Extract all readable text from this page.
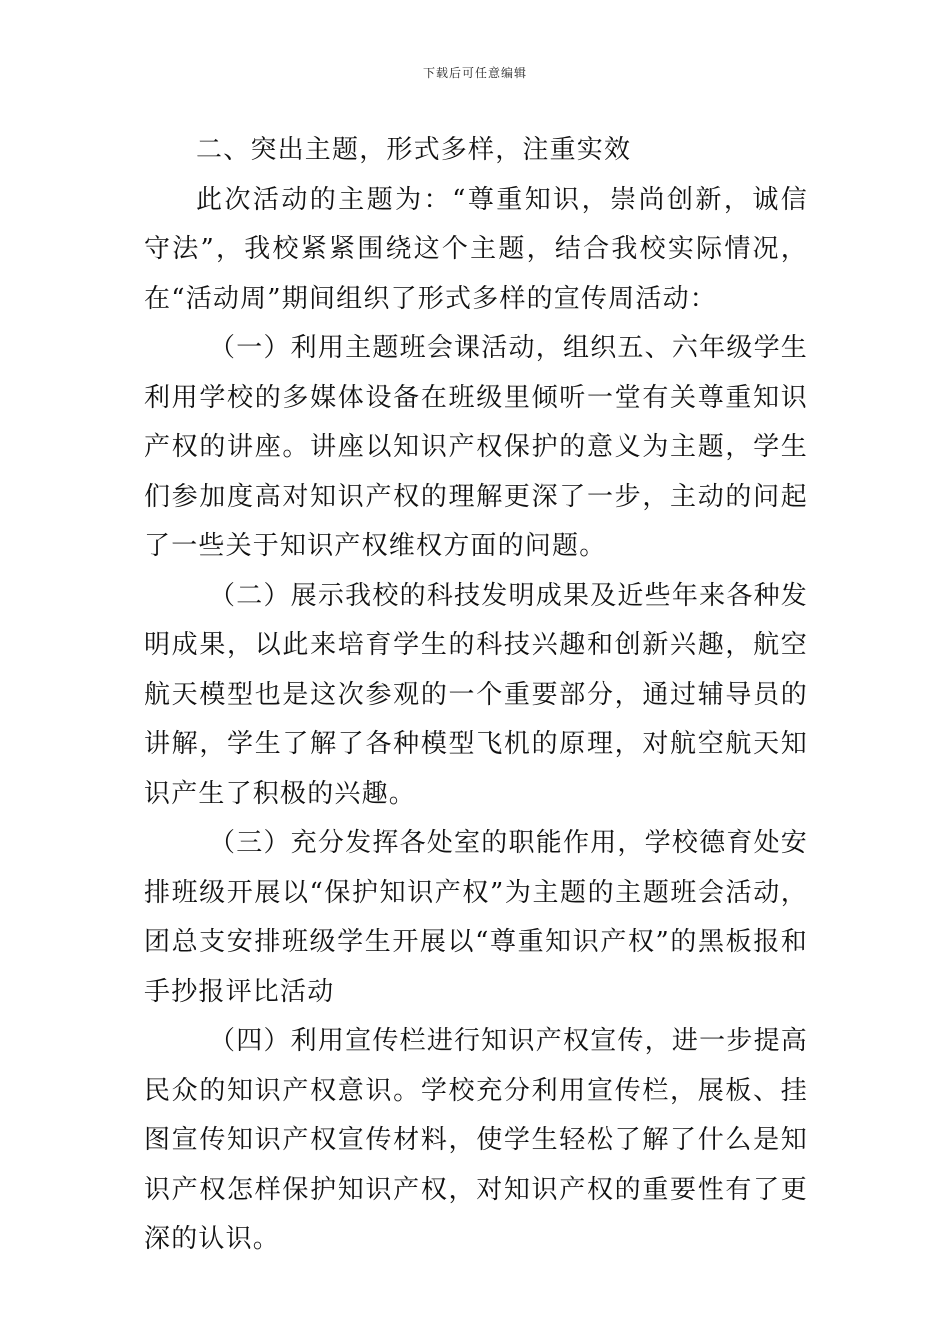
下载后可任意编辑

二、突出主题，形式多样，注重实效

此次活动的主题为：“尊重知识，崇尚创新，诚信守法”，我校紧紧围绕这个主题，结合我校实际情况，在“活动周”期间组织了形式多样的宣传周活动：

（一）利用主题班会课活动，组织五、六年级学生利用学校的多媒体设备在班级里倾听一堂有关尊重知识产权的讲座。讲座以知识产权保护的意义为主题，学生们参加度高对知识产权的理解更深了一步，主动的问起了一些关于知识产权维权方面的问题。

（二）展示我校的科技发明成果及近些年来各种发明成果，以此来培育学生的科技兴趣和创新兴趣，航空航天模型也是这次参观的一个重要部分，通过辅导员的讲解，学生了解了各种模型飞机的原理，对航空航天知识产生了积极的兴趣。

（三）充分发挥各处室的职能作用，学校德育处安排班级开展以“保护知识产权”为主题的主题班会活动，团总支安排班级学生开展以“尊重知识产权”的黑板报和手抄报评比活动

（四）利用宣传栏进行知识产权宣传，进一步提高民众的知识产权意识。学校充分利用宣传栏，展板、挂图宣传知识产权宣传材料，使学生轻松了解了什么是知识产权怎样保护知识产权，对知识产权的重要性有了更深的认识。
